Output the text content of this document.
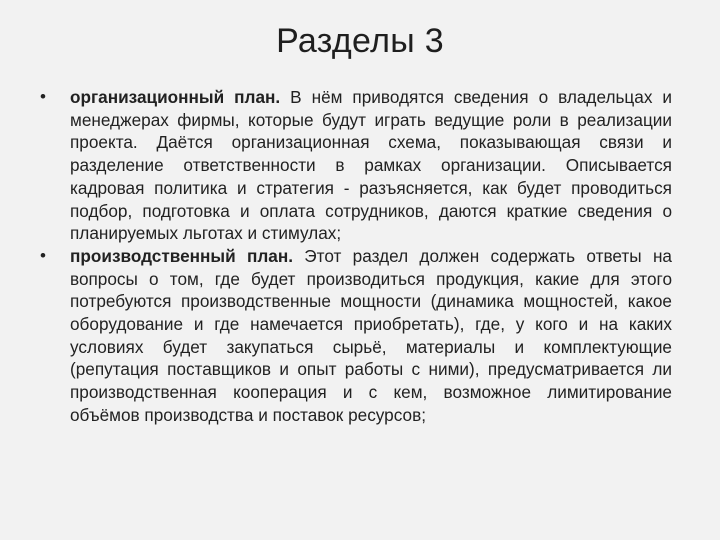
Разделы 3
• организационный план. В нём приводятся сведения о владельцах и менеджерах фирмы, которые будут играть ведущие роли в реализации проекта. Даётся организационная схема, показывающая связи и разделение ответственности в рамках организации. Описывается кадровая политика и стратегия - разъясняется, как будет проводиться подбор, подготовка и оплата сотрудников, даются краткие сведения о планируемых льготах и стимулах;
• производственный план. Этот раздел должен содержать ответы на вопросы о том, где будет производиться продукция, какие для этого потребуются производственные мощности (динамика мощностей, какое оборудование и где намечается приобретать), где, у кого и на каких условиях будет закупаться сырьё, материалы и комплектующие (репутация поставщиков и опыт работы с ними), предусматривается ли производственная кооперация и с кем, возможное лимитирование объёмов производства и поставок ресурсов;
